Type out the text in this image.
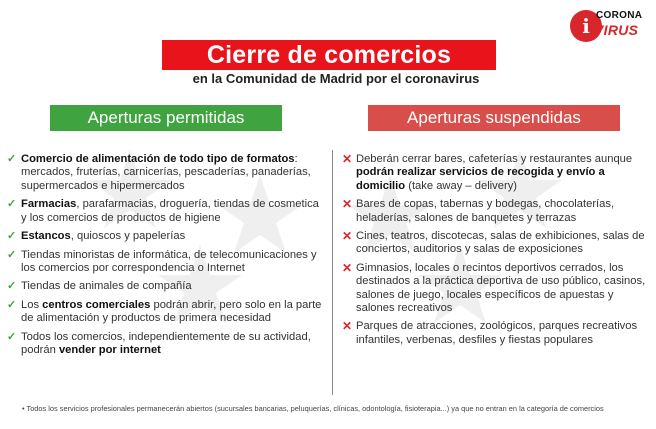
i CORONA
VIRUS
Cierre de comercios
en la Comunidad de Madrid por el coronavirus
Aperturas permitidas	Aperturas suspendidas
✓ Comercio de alimentación de todo tipo de formatos: mercados, fruterías, carnicerías, pescaderías, panaderías, supermercados e hipermercados
✓ Farmacias, parafarmacias, droguería, tiendas de cosmetica y los comercios de productos de higiene
✓ Estancos, quioscos y papelerías
✓ Tiendas minoristas de informática, de telecomunicaciones y los comercios por correspondencia o Internet
✓ Tiendas de animales de compañía
✓ Los centros comerciales podrán abrir, pero solo en la parte de alimentación y productos de primera necesidad
✓ Todos los comercios, independientemente de su actividad, podrán vender por internet
✕ Deberán cerrar bares, cafeterías y restaurantes aunque podrán realizar servicios de recogida y envío a domicilio (take away – delivery)
✕ Bares de copas, tabernas y bodegas, chocolaterías, heladerías, salones de banquetes y terrazas
✕ Cines, teatros, discotecas, salas de exhibiciones, salas de conciertos, auditorios y salas de exposiciones
✕ Gimnasios, locales o recintos deportivos cerrados, los destinados a la práctica deportiva de uso público, casinos, salones de juego, locales específicos de apuestas y salones recreativos
✕ Parques de atracciones, zoológicos, parques recreativos infantiles, verbenas, desfiles y fiestas populares
• Todos los servicios profesionales permanecerán abiertos (sucursales bancarias, peluquerías, clínicas, odontología, fisioterapia...) ya que no entran en la categoría de comercios
